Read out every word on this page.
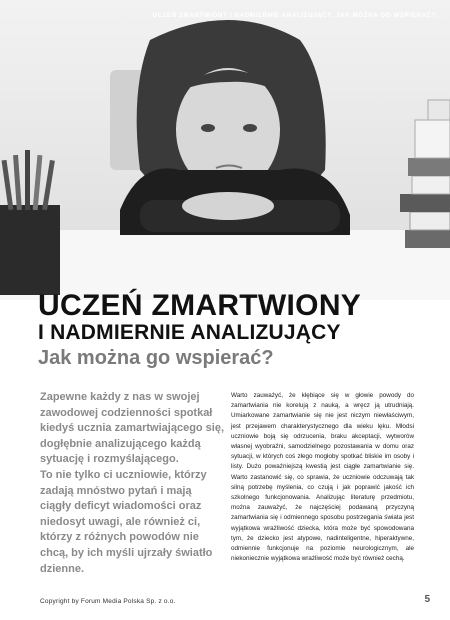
UCZEŃ ZMARTWIONY I NADMIERNIE ANALIZUJĄCY. JAK MOŻNA GO WSPIERAĆ?
UCZEŃ ZMARTWIONY
I NADMIERNIE ANALIZUJĄCY
Jak można go wspierać?

Zapewne każdy z nas w swojej zawodowej codzienności spotkał kiedyś ucznia zamartwiającego się, dogłębnie analizującego każdą sytuację i rozmyślającego.

To nie tylko ci uczniowie, którzy zadają mnóstwo pytań i mają ciągły deficyt wiadomości oraz niedosyt uwagi, ale również ci, którzy z różnych powodów nie chcą, by ich myśli ujrzały światło dzienne.

Warto zauważyć, że kłębiące się w głowie powody do zamartwiania nie korelują z nauką, a wręcz ją utrudniają. Umiarkowane zamartwianie się nie jest niczym niewłaściwym, jest przejawem charakterystycznego dla wieku lęku. Młodsi uczniowie boją się odrzucenia, braku akceptacji, wytworów własnej wyobraźni, samodzielnego pozostawania w domu oraz sytuacji, w których coś złego mogłoby spotkać bliskie im osoby i listy. Dużo poważniejszą kwestią jest ciągłe zamartwianie się. Warto zastanowić się, co sprawia, że uczniowie odczuwają tak silną potrzebę myślenia, co czują i jak poprawić jakość ich szkolnego funkcjonowania. Analizując literaturę przedmiotu, można zauważyć, że najczęściej podawaną przyczyną zamartwiania się i odmiennego sposobu postrzegania świata jest wyjątkowa wrażliwość dziecka, która może być spowodowana tym, że dziecko jest atypowe, nadinteligentne, hiperaktywne, odmiennie funkcjonuje na poziomie neurologicznym, ale niekoniecznie wyjątkowa wrażliwość może być również cechą.

Copyright by Forum Media Polska Sp. z o.o.	5
